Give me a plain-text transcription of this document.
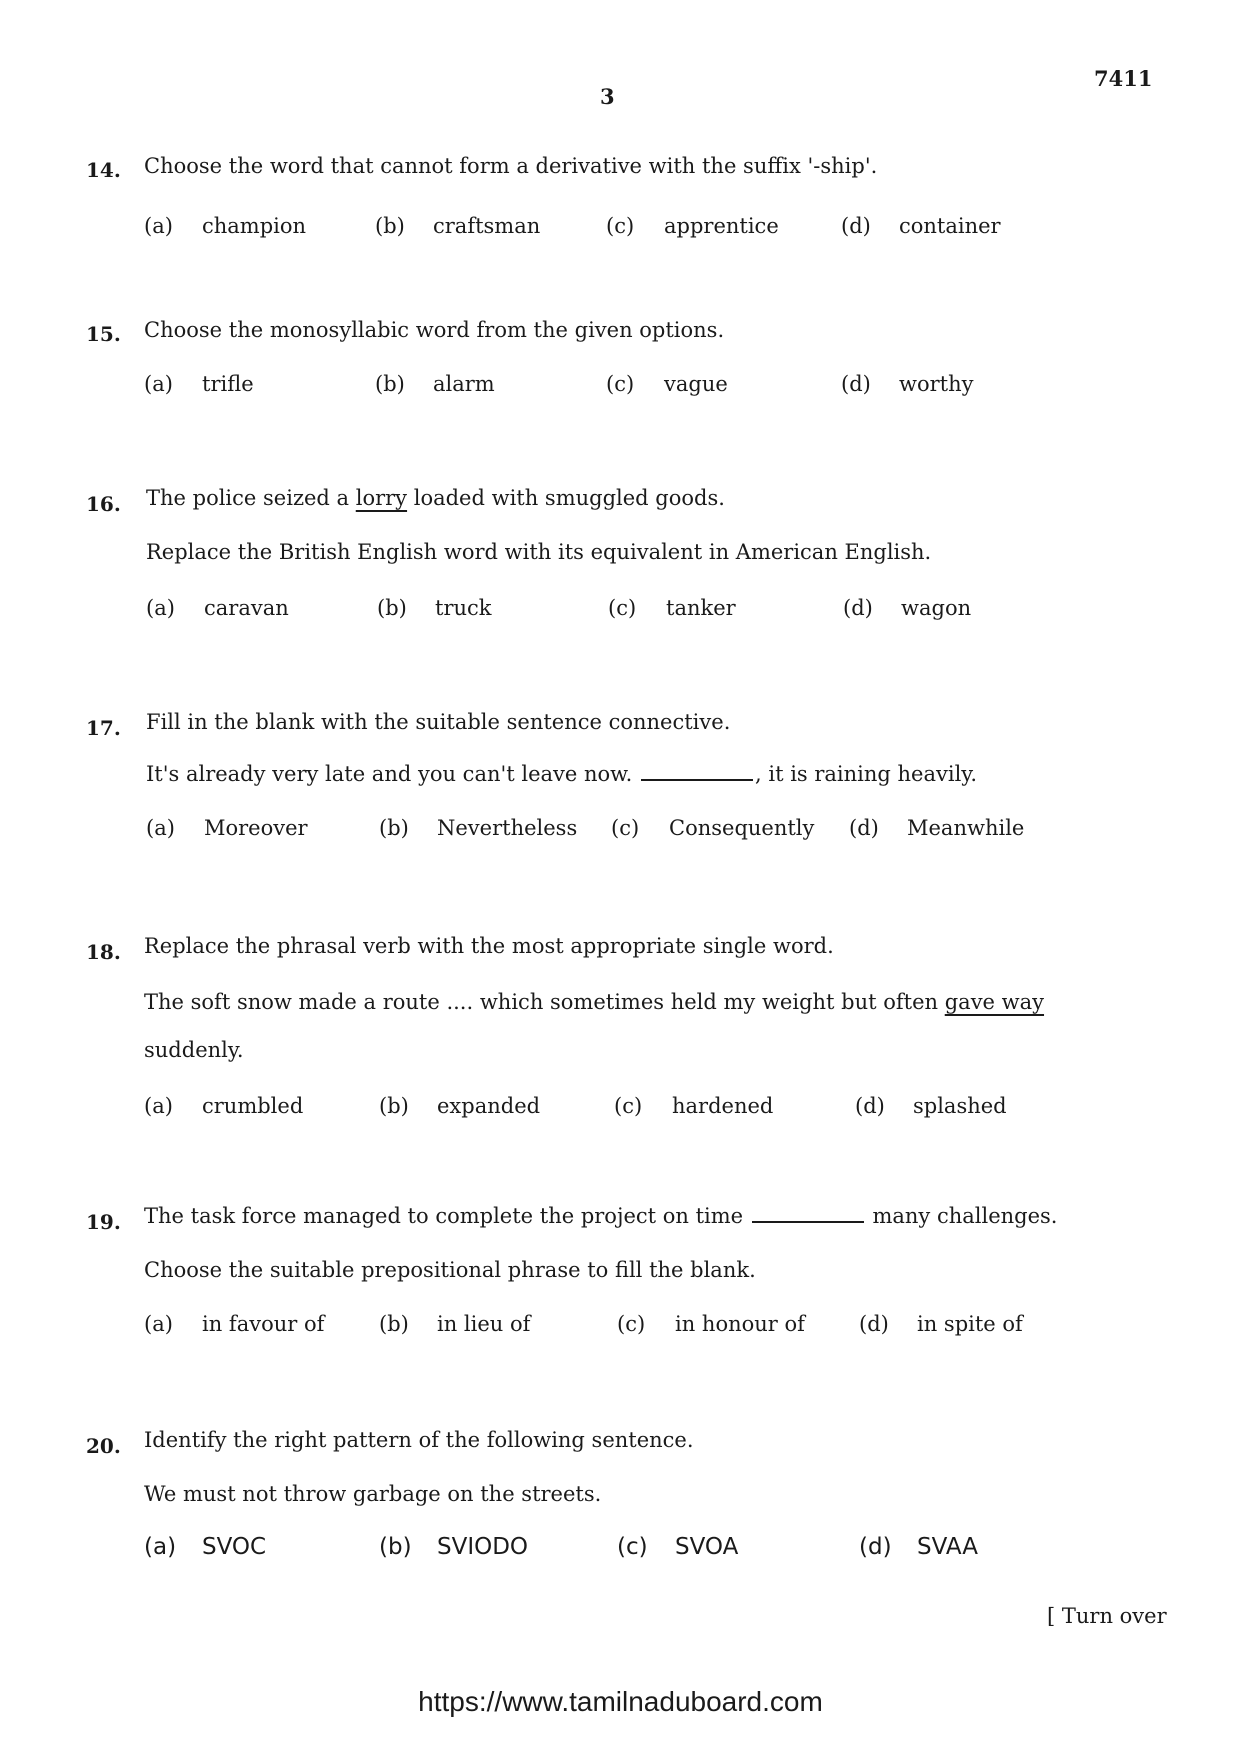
3
7411
14. Choose the word that cannot form a derivative with the suffix '-ship'.
(a) champion	(b) craftsman	(c) apprentice	(d) container
15. Choose the monosyllabic word from the given options.
(a) trifle	(b) alarm	(c) vague	(d) worthy
16. The police seized a lorry loaded with smuggled goods.
Replace the British English word with its equivalent in American English.
(a) caravan	(b) truck	(c) tanker	(d) wagon
17. Fill in the blank with the suitable sentence connective.
It's already very late and you can't leave now.	, it is raining heavily.
(a) Moreover	(b) Nevertheless (c) Consequently (d) Meanwhile
18. Replace the phrasal verb with the most appropriate single word.
The soft snow made a route .... which sometimes held my weight but often gave way suddenly.
(a) crumbled	(b) expanded	(c) hardened	(d) splashed
19. The task force managed to complete the project on time	many challenges.
Choose the suitable prepositional phrase to fill the blank.
(a) in favour of	(b) in lieu of	(c) in honour of	(d) in spite of
20. Identify the right pattern of the following sentence.
We must not throw garbage on the streets.
(a) SVOC	(b) SVIODO	(c) SVOA	(d) SVAA
[ Turn over
https://www.tamilnaduboard.com
